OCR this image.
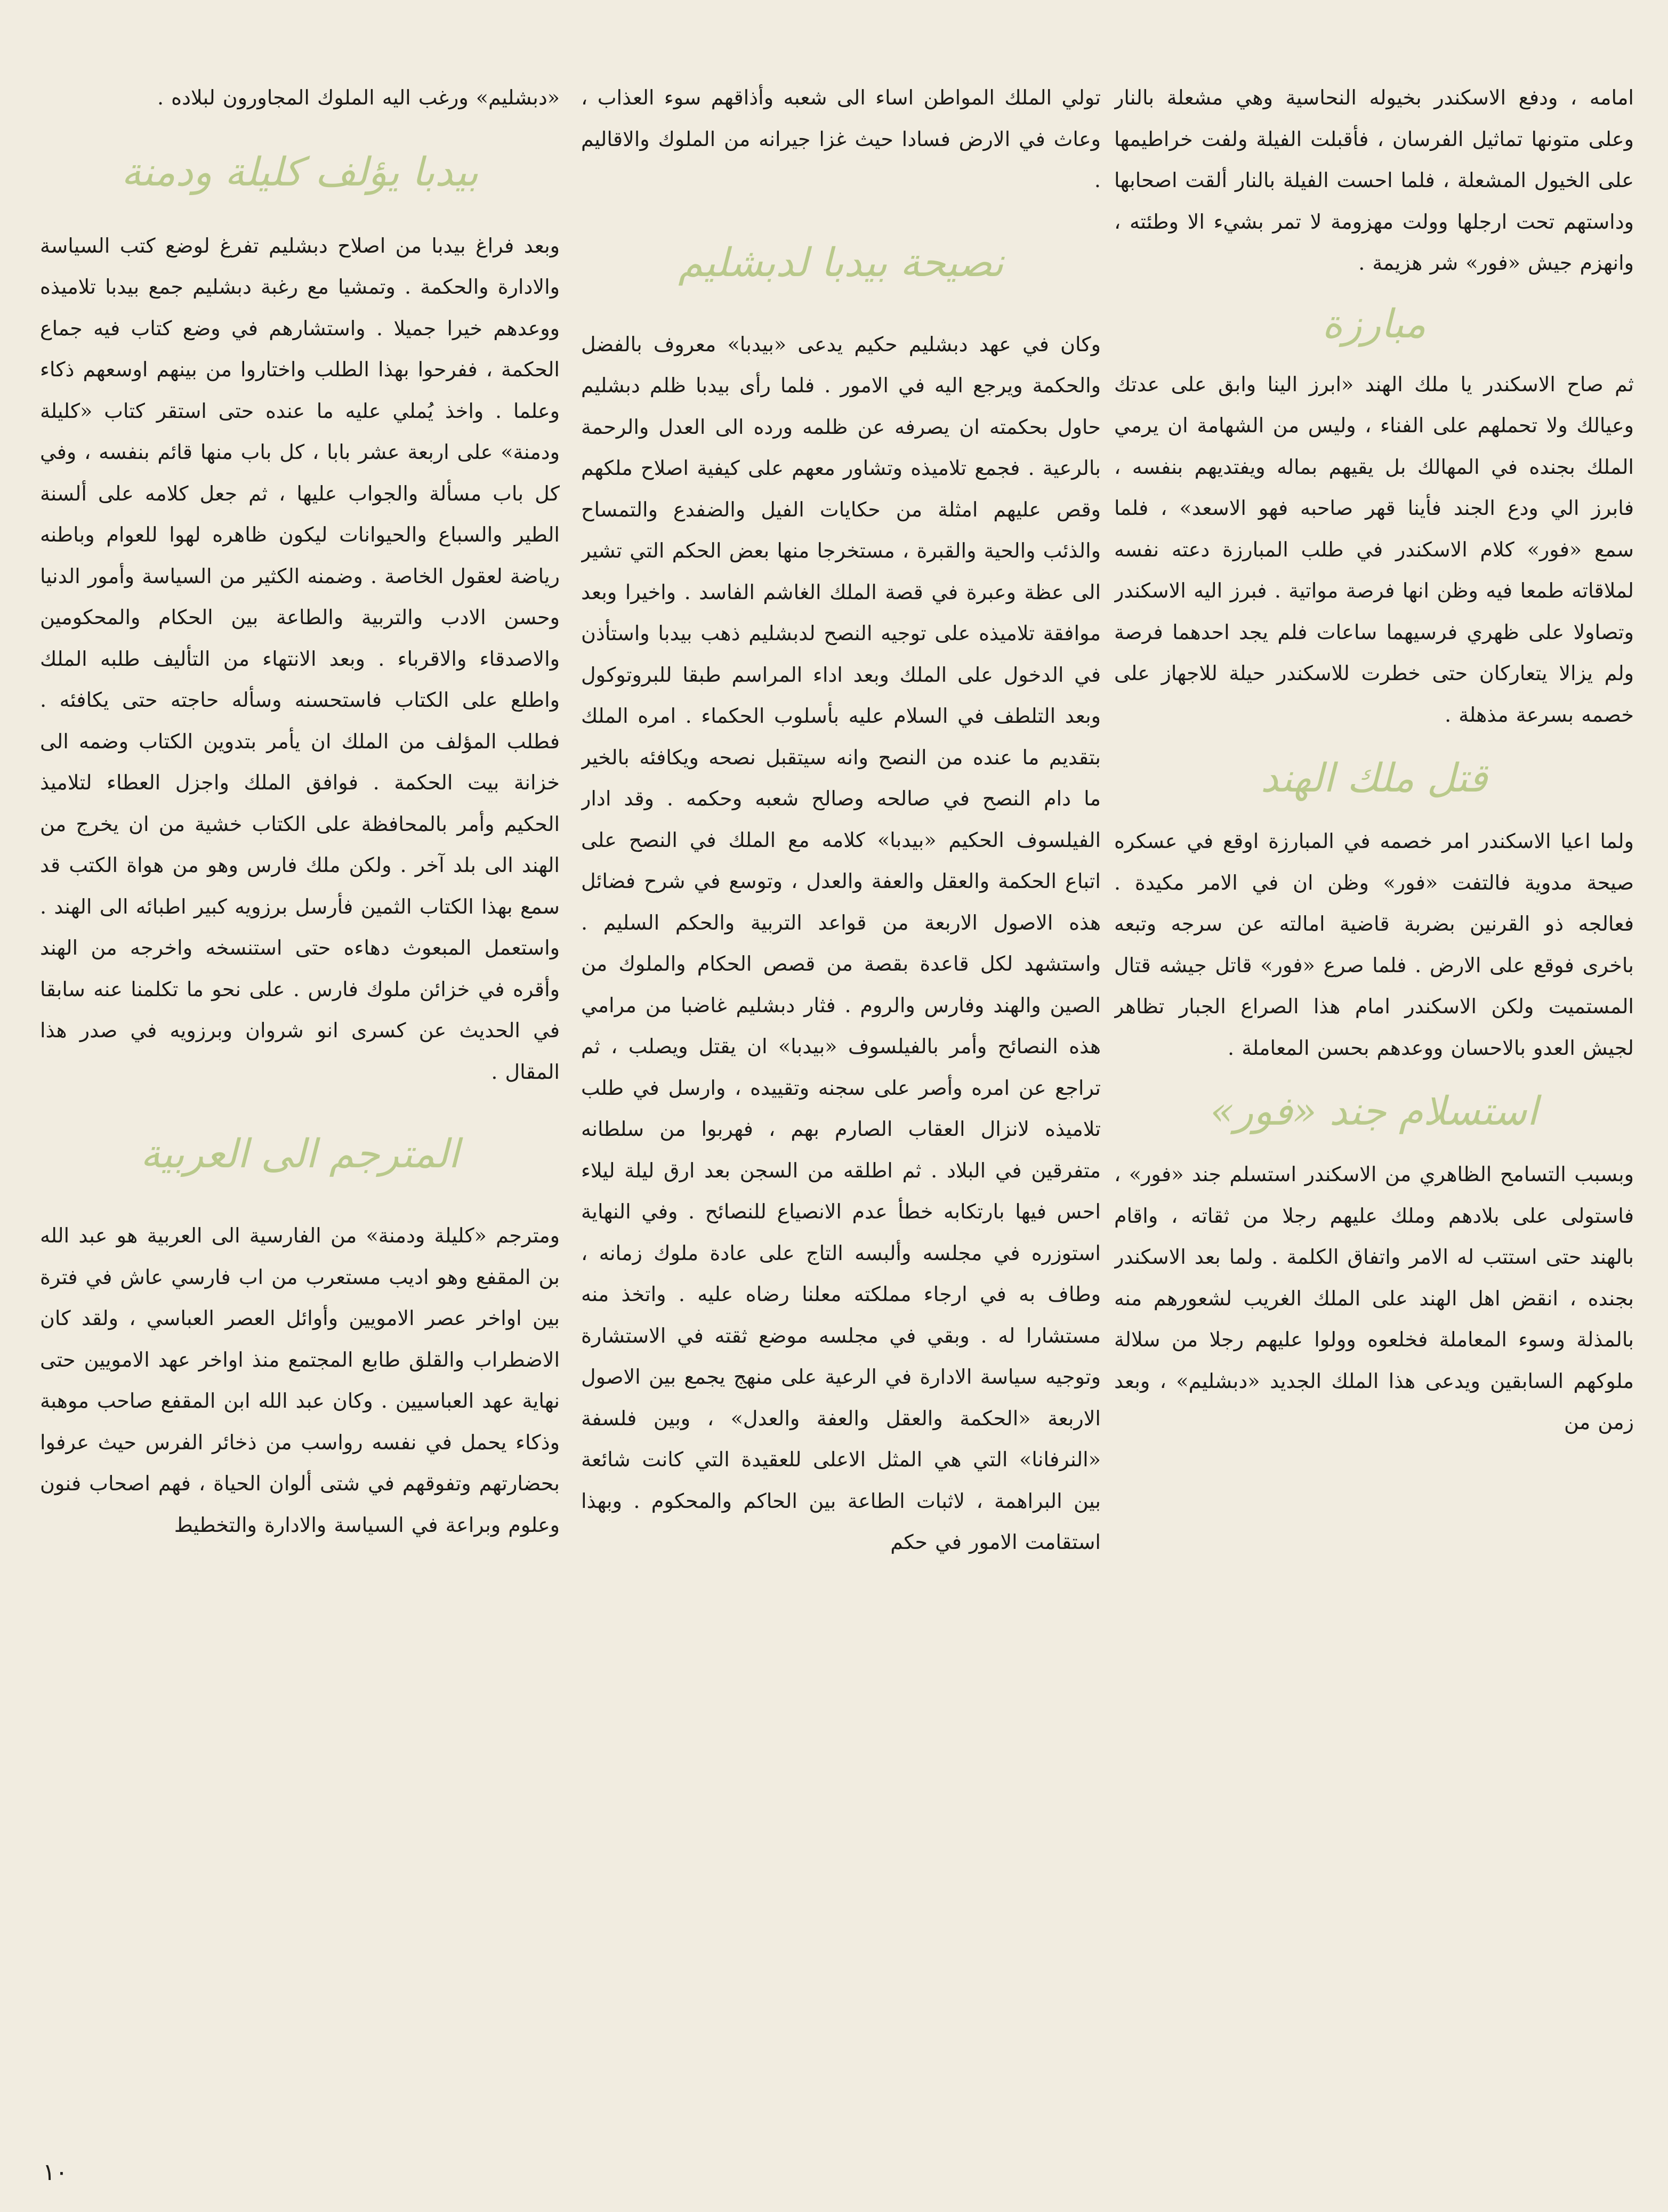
امامه ، ودفع الاسكندر بخيوله النحاسية وهي مشعلة بالنار وعلى متونها تماثيل الفرسان ، فأقبلت الفيلة ولفت خراطيمها على الخيول المشعلة ، فلما احست الفيلة بالنار ألقت اصحابها وداستهم تحت ارجلها وولت مهزومة لا تمر بشيء الا وطئته ، وانهزم جيش «فور» شر هزيمة .

مبارزة

ثم صاح الاسكندر يا ملك الهند «ابرز الينا وابق على عدتك وعيالك ولا تحملهم على الفناء ، وليس من الشهامة ان يرمي الملك بجنده في المهالك بل يقيهم بماله ويفتديهم بنفسه ، فابرز الي ودع الجند فأينا قهر صاحبه فهو الاسعد» ، فلما سمع «فور» كلام الاسكندر في طلب المبارزة دعته نفسه لملاقاته طمعا فيه وظن انها فرصة مواتية . فبرز اليه الاسكندر وتصاولا على ظهري فرسيهما ساعات فلم يجد احدهما فرصة ولم يزالا يتعاركان حتى خطرت للاسكندر حيلة للاجهاز على خصمه بسرعة مذهلة .

قتل ملك الهند

ولما اعيا الاسكندر امر خصمه في المبارزة اوقع في عسكره صيحة مدوية فالتفت «فور» وظن ان في الامر مكيدة . فعالجه ذو القرنين بضربة قاضية امالته عن سرجه وتبعه باخرى فوقع على الارض . فلما صرع «فور» قاتل جيشه قتال المستميت ولكن الاسكندر امام هذا الصراع الجبار تظاهر لجيش العدو بالاحسان ووعدهم بحسن المعاملة .

استسلام جند «فور»

وبسبب التسامح الظاهري من الاسكندر استسلم جند «فور» ، فاستولى على بلادهم وملك عليهم رجلا من ثقاته ، واقام بالهند حتى استتب له الامر واتفاق الكلمة . ولما بعد الاسكندر بجنده ، انقض اهل الهند على الملك الغريب لشعورهم منه بالمذلة وسوء المعاملة فخلعوه وولوا عليهم رجلا من سلالة ملوكهم السابقين ويدعى هذا الملك الجديد «دبشليم» ، وبعد زمن من

تولي الملك المواطن اساء الى شعبه وأذاقهم سوء العذاب ، وعاث في الارض فسادا حيث غزا جيرانه من الملوك والاقاليم .

نصيحة بيدبا لدبشليم

وكان في عهد دبشليم حكيم يدعى «بيدبا» معروف بالفضل والحكمة ويرجع اليه في الامور . فلما رأى بيدبا ظلم دبشليم حاول بحكمته ان يصرفه عن ظلمه ورده الى العدل والرحمة بالرعية . فجمع تلاميذه وتشاور معهم على كيفية اصلاح ملكهم وقص عليهم امثلة من حكايات الفيل والضفدع والتمساح والذئب والحية والقبرة ، مستخرجا منها بعض الحكم التي تشير الى عظة وعبرة في قصة الملك الغاشم الفاسد . واخيرا وبعد موافقة تلاميذه على توجيه النصح لدبشليم ذهب بيدبا واستأذن في الدخول على الملك وبعد اداء المراسم طبقا للبروتوكول وبعد التلطف في السلام عليه بأسلوب الحكماء . امره الملك بتقديم ما عنده من النصح وانه سيتقبل نصحه ويكافئه بالخير ما دام النصح في صالحه وصالح شعبه وحكمه . وقد ادار الفيلسوف الحكيم «بيدبا» كلامه مع الملك في النصح على اتباع الحكمة والعقل والعفة والعدل ، وتوسع في شرح فضائل هذه الاصول الاربعة من قواعد التربية والحكم السليم . واستشهد لكل قاعدة بقصة من قصص الحكام والملوك من الصين والهند وفارس والروم . فثار دبشليم غاضبا من مرامي هذه النصائح وأمر بالفيلسوف «بيدبا» ان يقتل ويصلب ، ثم تراجع عن امره وأصر على سجنه وتقييده ، وارسل في طلب تلاميذه لانزال العقاب الصارم بهم ، فهربوا من سلطانه متفرقين في البلاد . ثم اطلقه من السجن بعد ارق ليلة ليلاء احس فيها بارتكابه خطأ عدم الانصياع للنصائح . وفي النهاية استوزره في مجلسه وألبسه التاج على عادة ملوك زمانه ، وطاف به في ارجاء مملكته معلنا رضاه عليه . واتخذ منه مستشارا له . وبقي في مجلسه موضع ثقته في الاستشارة وتوجيه سياسة الادارة في الرعية على منهج يجمع بين الاصول الاربعة «الحكمة والعقل والعفة والعدل» ، وبين فلسفة «النرفانا» التي هي المثل الاعلى للعقيدة التي كانت شائعة بين البراهمة ، لاثبات الطاعة بين الحاكم والمحكوم . وبهذا استقامت الامور في حكم

«دبشليم» ورغب اليه الملوك المجاورون لبلاده .

بيدبا يؤلف كليلة ودمنة

وبعد فراغ بيدبا من اصلاح دبشليم تفرغ لوضع كتب السياسة والادارة والحكمة . وتمشيا مع رغبة دبشليم جمع بيدبا تلاميذه ووعدهم خيرا جميلا . واستشارهم في وضع كتاب فيه جماع الحكمة ، ففرحوا بهذا الطلب واختاروا من بينهم اوسعهم ذكاء وعلما . واخذ يُملي عليه ما عنده حتى استقر كتاب «كليلة ودمنة» على اربعة عشر بابا ، كل باب منها قائم بنفسه ، وفي كل باب مسألة والجواب عليها ، ثم جعل كلامه على ألسنة الطير والسباع والحيوانات ليكون ظاهره لهوا للعوام وباطنه رياضة لعقول الخاصة . وضمنه الكثير من السياسة وأمور الدنيا وحسن الادب والتربية والطاعة بين الحكام والمحكومين والاصدقاء والاقرباء . وبعد الانتهاء من التأليف طلبه الملك واطلع على الكتاب فاستحسنه وسأله حاجته حتى يكافئه . فطلب المؤلف من الملك ان يأمر بتدوين الكتاب وضمه الى خزانة بيت الحكمة . فوافق الملك واجزل العطاء لتلاميذ الحكيم وأمر بالمحافظة على الكتاب خشية من ان يخرج من الهند الى بلد آخر . ولكن ملك فارس وهو من هواة الكتب قد سمع بهذا الكتاب الثمين فأرسل برزويه كبير اطبائه الى الهند . واستعمل المبعوث دهاءه حتى استنسخه واخرجه من الهند وأقره في خزائن ملوك فارس . على نحو ما تكلمنا عنه سابقا في الحديث عن كسرى انو شروان وبرزويه في صدر هذا المقال .

المترجم الى العربية

ومترجم «كليلة ودمنة» من الفارسية الى العربية هو عبد الله بن المقفع وهو اديب مستعرب من اب فارسي عاش في فترة بين اواخر عصر الامويين وأوائل العصر العباسي ، ولقد كان الاضطراب والقلق طابع المجتمع منذ اواخر عهد الامويين حتى نهاية عهد العباسيين . وكان عبد الله ابن المقفع صاحب موهبة وذكاء يحمل في نفسه رواسب من ذخائر الفرس حيث عرفوا بحضارتهم وتفوقهم في شتى ألوان الحياة ، فهم اصحاب فنون وعلوم وبراعة في السياسة والادارة والتخطيط

١٠
